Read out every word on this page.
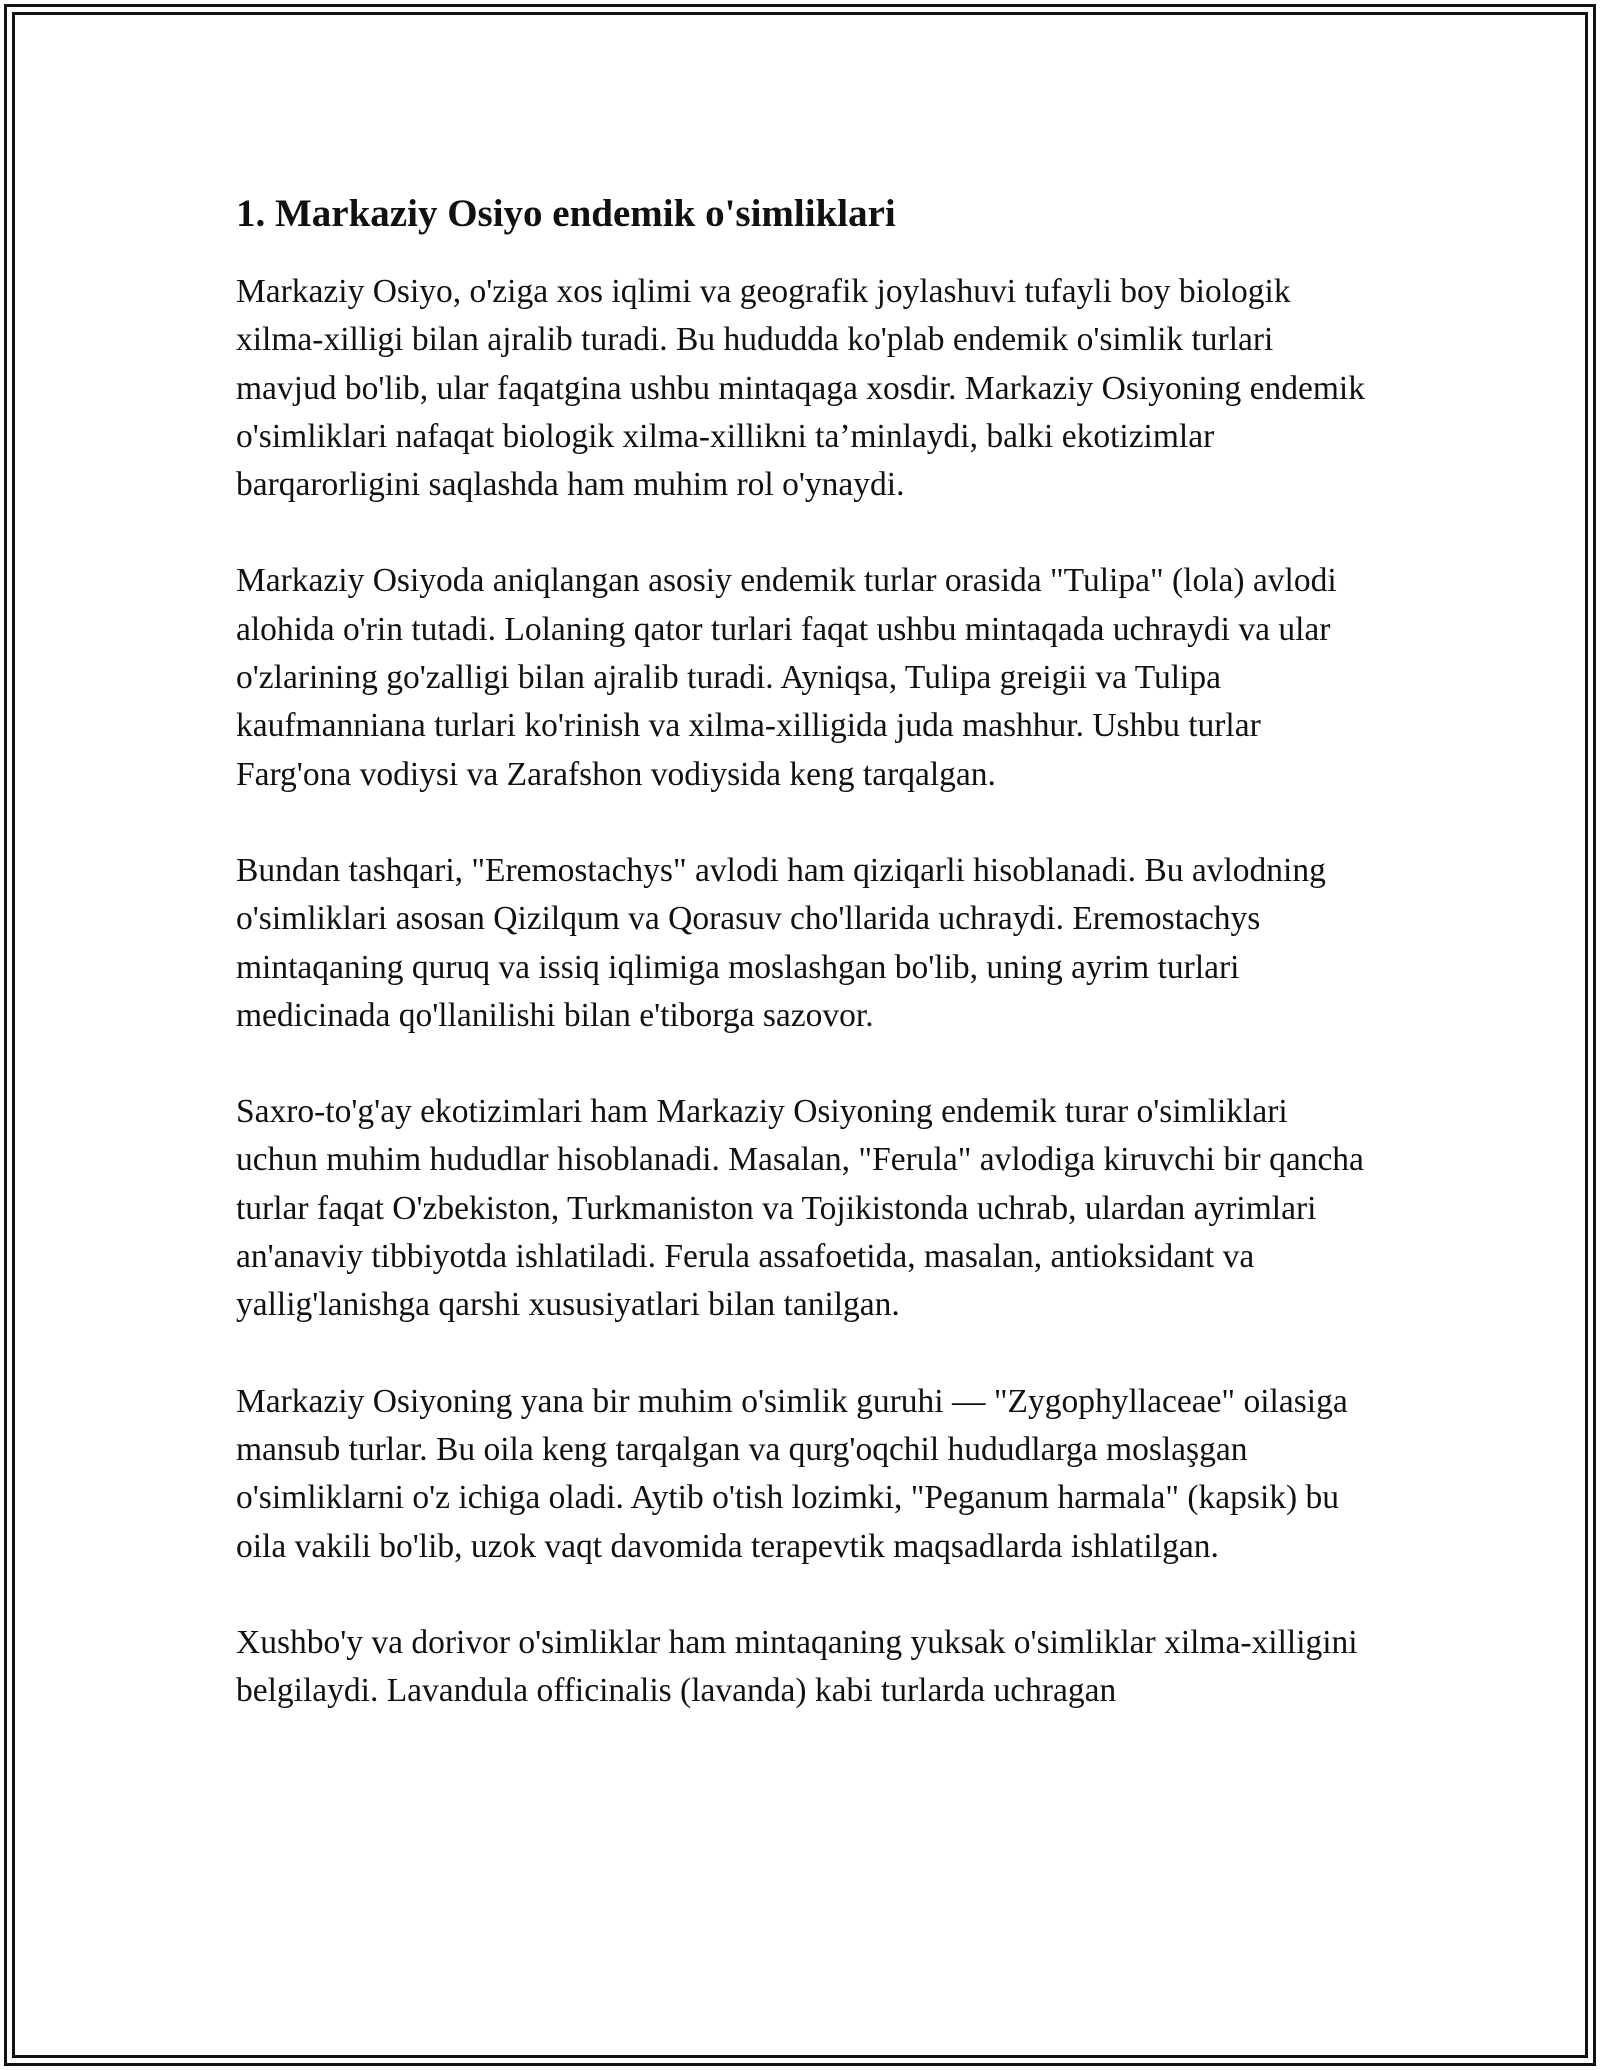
1. Markaziy Osiyo endemik o'simliklari

Markaziy Osiyo, o'ziga xos iqlimi va geografik joylashuvi tufayli boy biologik xilma-xilligi bilan ajralib turadi. Bu hududda ko'plab endemik o'simlik turlari mavjud bo'lib, ular faqatgina ushbu mintaqaga xosdir. Markaziy Osiyoning endemik o'simliklari nafaqat biologik xilma-xillikni ta’minlaydi, balki ekotizimlar barqarorligini saqlashda ham muhim rol o'ynaydi.

Markaziy Osiyoda aniqlangan asosiy endemik turlar orasida "Tulipa" (lola) avlodi alohida o'rin tutadi. Lolaning qator turlari faqat ushbu mintaqada uchraydi va ular o'zlarining go'zalligi bilan ajralib turadi. Ayniqsa, Tulipa greigii va Tulipa kaufmanniana turlari ko'rinish va xilma-xilligida juda mashhur. Ushbu turlar Farg'ona vodiysi va Zarafshon vodiysida keng tarqalgan.

Bundan tashqari, "Eremostachys" avlodi ham qiziqarli hisoblanadi. Bu avlodning o'simliklari asosan Qizilqum va Qorasuv cho'llarida uchraydi. Eremostachys mintaqaning quruq va issiq iqlimiga moslashgan bo'lib, uning ayrim turlari medicinada qo'llanilishi bilan e'tiborga sazovor.

Saxro-to'g'ay ekotizimlari ham Markaziy Osiyoning endemik turar o'simliklari uchun muhim hududlar hisoblanadi. Masalan, "Ferula" avlodiga kiruvchi bir qancha turlar faqat O'zbekiston, Turkmaniston va Tojikistonda uchrab, ulardan ayrimlari an'anaviy tibbiyotda ishlatiladi. Ferula assafoetida, masalan, antioksidant va yallig'lanishga qarshi xususiyatlari bilan tanilgan.

Markaziy Osiyoning yana bir muhim o'simlik guruhi — "Zygophyllaceae" oilasiga mansub turlar. Bu oila keng tarqalgan va qurg'oqchil hududlarga moslaşgan o'simliklarni o'z ichiga oladi. Aytib o'tish lozimki, "Peganum harmala" (kapsik) bu oila vakili bo'lib, uzok vaqt davomida terapevtik maqsadlarda ishlatilgan.

Xushbo'y va dorivor o'simliklar ham mintaqaning yuksak o'simliklar xilma-xilligini belgilaydi. Lavandula officinalis (lavanda) kabi turlarda uchragan
